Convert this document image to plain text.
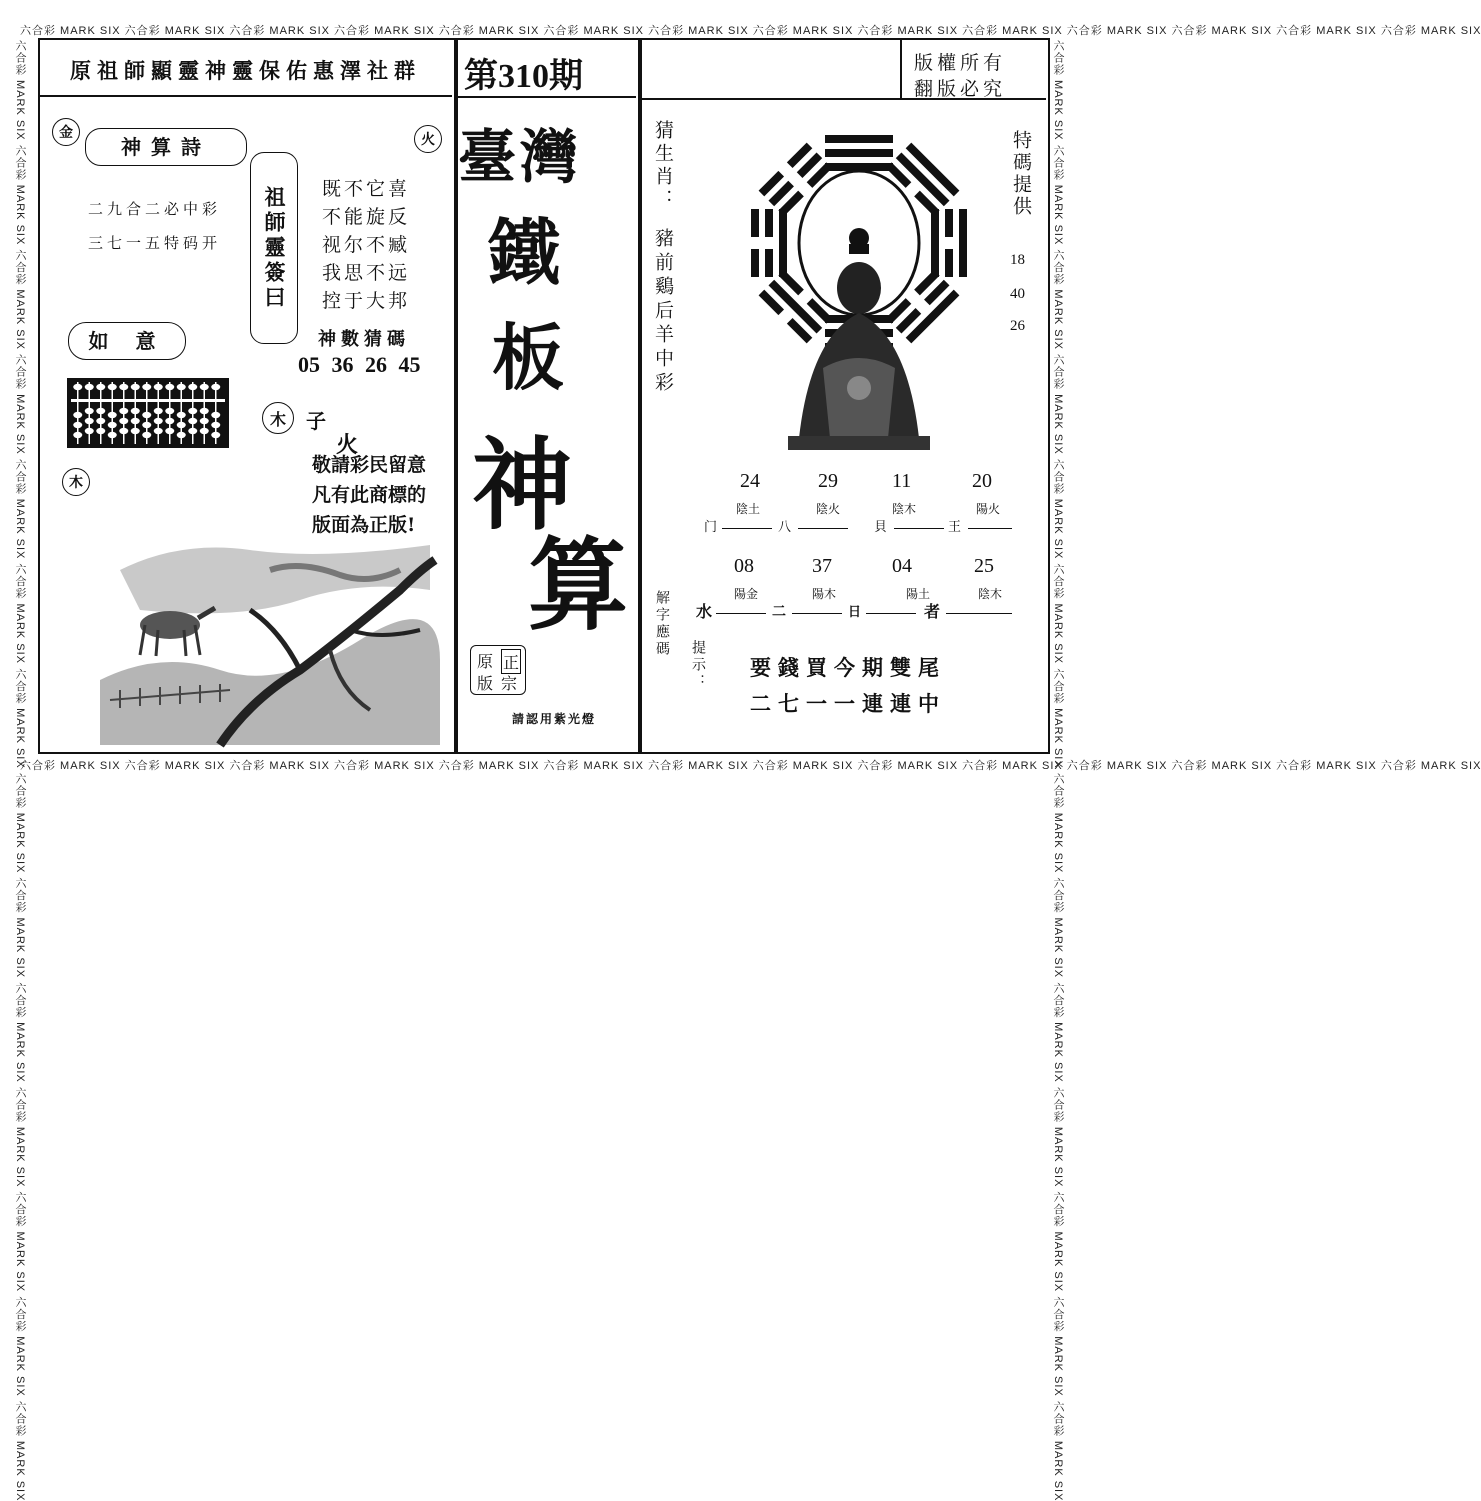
六合彩 MARK SIX 六合彩 MARK SIX 六合彩 MARK SIX 六合彩 MARK SIX 六合彩 MARK SIX 六合彩 MARK SIX 六合彩 MARK SIX 六合彩 MARK SIX 六合彩 MARK SIX 六合彩 MARK SIX 六合彩 MARK SIX 六合彩 MARK SIX 六合彩 MARK SIX 六合彩 MARK SIX
六合彩 MARK SIX 六合彩 MARK SIX 六合彩 MARK SIX 六合彩 MARK SIX 六合彩 MARK SIX 六合彩 MARK SIX 六合彩 MARK SIX 六合彩 MARK SIX 六合彩 MARK SIX 六合彩 MARK SIX 六合彩 MARK SIX 六合彩 MARK SIX 六合彩 MARK SIX 六合彩 MARK SIX
六合彩 MARK SIX 六合彩 MARK SIX 六合彩 MARK SIX 六合彩 MARK SIX 六合彩 MARK SIX 六合彩 MARK SIX 六合彩 MARK SIX 六合彩 MARK SIX 六合彩 MARK SIX 六合彩 MARK SIX 六合彩 MARK SIX 六合彩 MARK SIX 六合彩 MARK SIX 六合彩 MARK SIX	六合彩 MARK SIX 六合彩 MARK SIX 六合彩 MARK SIX 六合彩 MARK SIX 六合彩 MARK SIX 六合彩 MARK SIX 六合彩 MARK SIX 六合彩 MARK SIX 六合彩 MARK SIX 六合彩 MARK SIX 六合彩 MARK SIX 六合彩 MARK SIX 六合彩 MARK SIX 六合彩 MARK SIX
原祖師顯靈神靈保佑惠澤社群
金	火
神算詩
二九合二必中彩
三七一五特码开	祖師靈簽曰	既不它喜
不能旋反
视尔不臧
我思不远
控于大邦
神數猜碼
05 36 26 45
如 意
木	子
火
木
敬請彩民留意
凡有此商標的
版面為正版!
第310期
臺灣
鐵
板
神
算
原 正
版 宗
請認用紫光燈
版權所有
翻版必究
猜生肖：
豬前鷄后羊中彩
特碼提供
18
40
26
24	29	11	20
陰土	陰火	陰木	陽火
门	八	貝	王
08	37	04	25
陽金	陽木	陽土	陰木
水	二	日	者
解字應碼
提示： 要錢買今期雙尾
二七一一連連中
